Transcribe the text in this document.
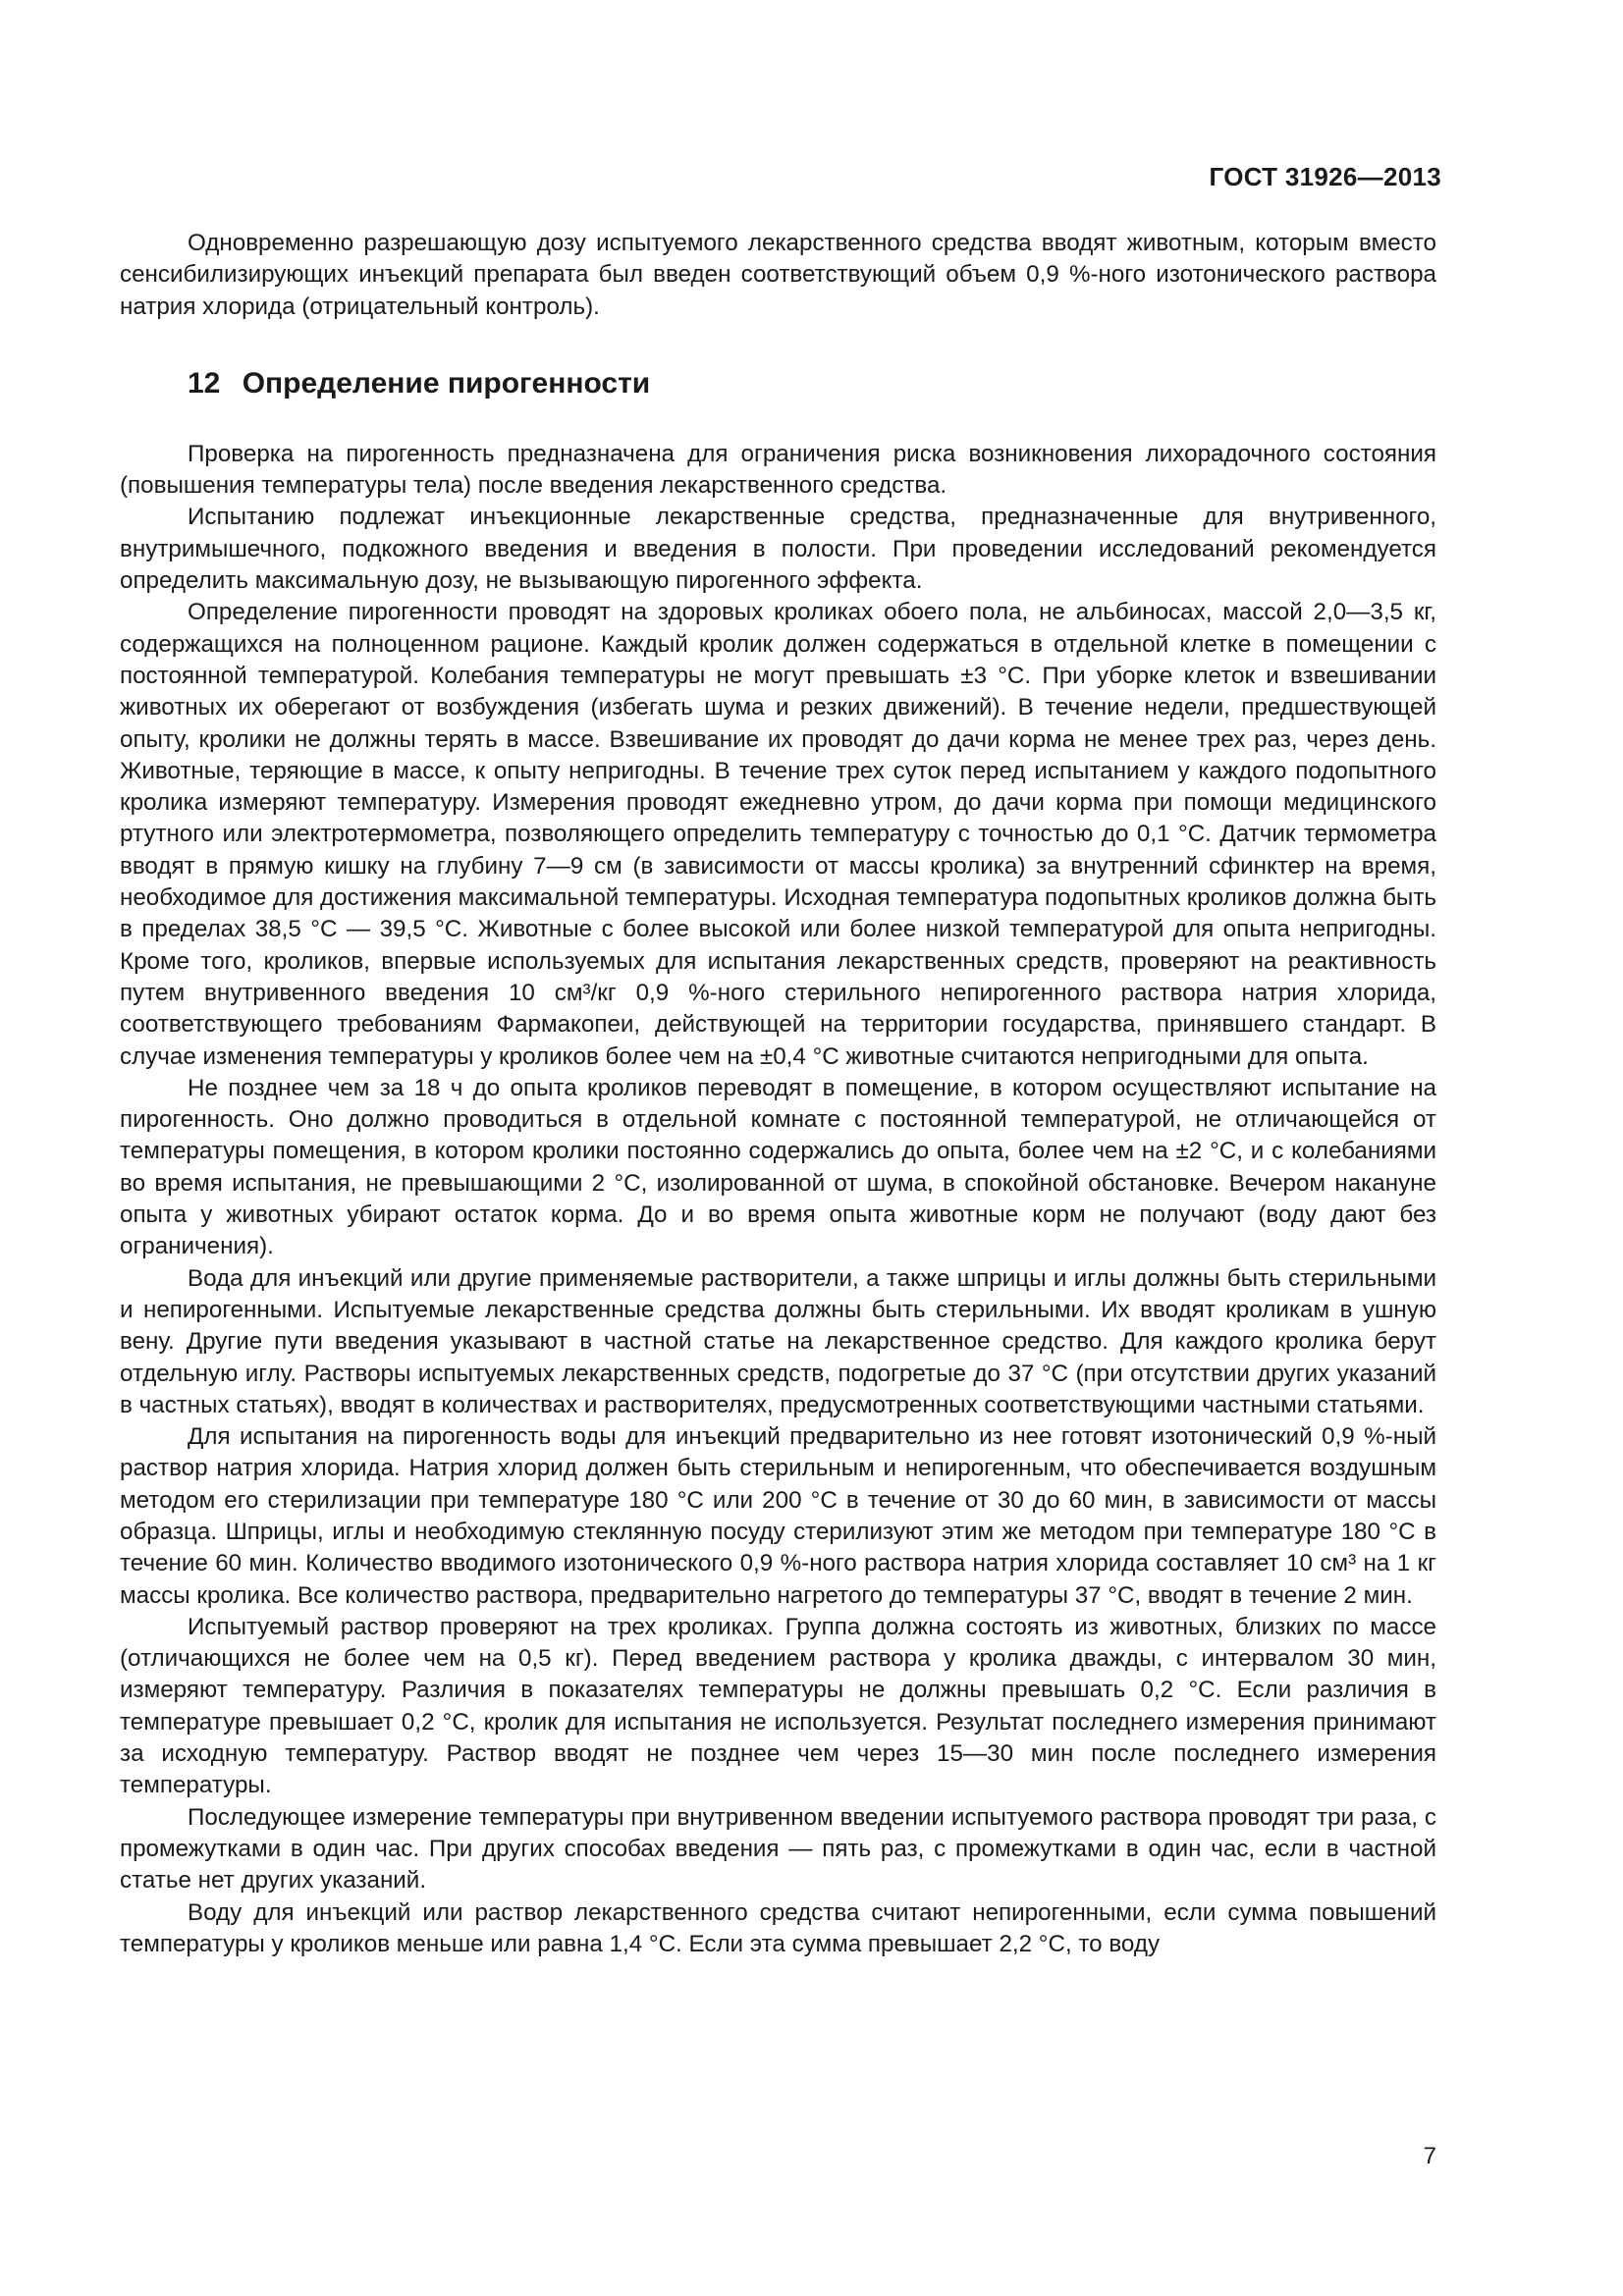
ГОСТ 31926—2013

Одновременно разрешающую дозу испытуемого лекарственного средства вводят животным, которым вместо сенсибилизирующих инъекций препарата был введен соответствующий объем 0,9 %-ного изотонического раствора натрия хлорида (отрицательный контроль).

12 Определение пирогенности

Проверка на пирогенность предназначена для ограничения риска возникновения лихорадочного состояния (повышения температуры тела) после введения лекарственного средства.

Испытанию подлежат инъекционные лекарственные средства, предназначенные для внутривенного, внутримышечного, подкожного введения и введения в полости. При проведении исследований рекомендуется определить максимальную дозу, не вызывающую пирогенного эффекта.

Определение пирогенности проводят на здоровых кроликах обоего пола, не альбиносах, массой 2,0—3,5 кг, содержащихся на полноценном рационе. Каждый кролик должен содержаться в отдельной клетке в помещении с постоянной температурой. Колебания температуры не могут превышать ±3 °С. При уборке клеток и взвешивании животных их оберегают от возбуждения (избегать шума и резких движений). В течение недели, предшествующей опыту, кролики не должны терять в массе. Взвешивание их проводят до дачи корма не менее трех раз, через день. Животные, теряющие в массе, к опыту непригодны. В течение трех суток перед испытанием у каждого подопытного кролика измеряют температуру. Измерения проводят ежедневно утром, до дачи корма при помощи медицинского ртутного или электротермометра, позволяющего определить температуру с точностью до 0,1 °С. Датчик термометра вводят в прямую кишку на глубину 7—9 см (в зависимости от массы кролика) за внутренний сфинктер на время, необходимое для достижения максимальной температуры. Исходная температура подопытных кроликов должна быть в пределах 38,5 °С — 39,5 °С. Животные с более высокой или более низкой температурой для опыта непригодны. Кроме того, кроликов, впервые используемых для испытания лекарственных средств, проверяют на реактивность путем внутривенного введения 10 см³/кг 0,9 %-ного стерильного непирогенного раствора натрия хлорида, соответствующего требованиям Фармакопеи, действующей на территории государства, принявшего стандарт. В случае изменения температуры у кроликов более чем на ±0,4 °С животные считаются непригодными для опыта.

Не позднее чем за 18 ч до опыта кроликов переводят в помещение, в котором осуществляют испытание на пирогенность. Оно должно проводиться в отдельной комнате с постоянной температурой, не отличающейся от температуры помещения, в котором кролики постоянно содержались до опыта, более чем на ±2 °С, и с колебаниями во время испытания, не превышающими 2 °С, изолированной от шума, в спокойной обстановке. Вечером накануне опыта у животных убирают остаток корма. До и во время опыта животные корм не получают (воду дают без ограничения).

Вода для инъекций или другие применяемые растворители, а также шприцы и иглы должны быть стерильными и непирогенными. Испытуемые лекарственные средства должны быть стерильными. Их вводят кроликам в ушную вену. Другие пути введения указывают в частной статье на лекарственное средство. Для каждого кролика берут отдельную иглу. Растворы испытуемых лекарственных средств, подогретые до 37 °С (при отсутствии других указаний в частных статьях), вводят в количествах и растворителях, предусмотренных соответствующими частными статьями.

Для испытания на пирогенность воды для инъекций предварительно из нее готовят изотонический 0,9 %-ный раствор натрия хлорида. Натрия хлорид должен быть стерильным и непирогенным, что обеспечивается воздушным методом его стерилизации при температуре 180 °С или 200 °С в течение от 30 до 60 мин, в зависимости от массы образца. Шприцы, иглы и необходимую стеклянную посуду стерилизуют этим же методом при температуре 180 °С в течение 60 мин. Количество вводимого изотонического 0,9 %-ного раствора натрия хлорида составляет 10 см³ на 1 кг массы кролика. Все количество раствора, предварительно нагретого до температуры 37 °С, вводят в течение 2 мин.

Испытуемый раствор проверяют на трех кроликах. Группа должна состоять из животных, близких по массе (отличающихся не более чем на 0,5 кг). Перед введением раствора у кролика дважды, с интервалом 30 мин, измеряют температуру. Различия в показателях температуры не должны превышать 0,2 °С. Если различия в температуре превышает 0,2 °С, кролик для испытания не используется. Результат последнего измерения принимают за исходную температуру. Раствор вводят не позднее чем через 15—30 мин после последнего измерения температуры.

Последующее измерение температуры при внутривенном введении испытуемого раствора проводят три раза, с промежутками в один час. При других способах введения — пять раз, с промежутками в один час, если в частной статье нет других указаний.

Воду для инъекций или раствор лекарственного средства считают непирогенными, если сумма повышений температуры у кроликов меньше или равна 1,4 °С. Если эта сумма превышает 2,2 °С, то воду

7
